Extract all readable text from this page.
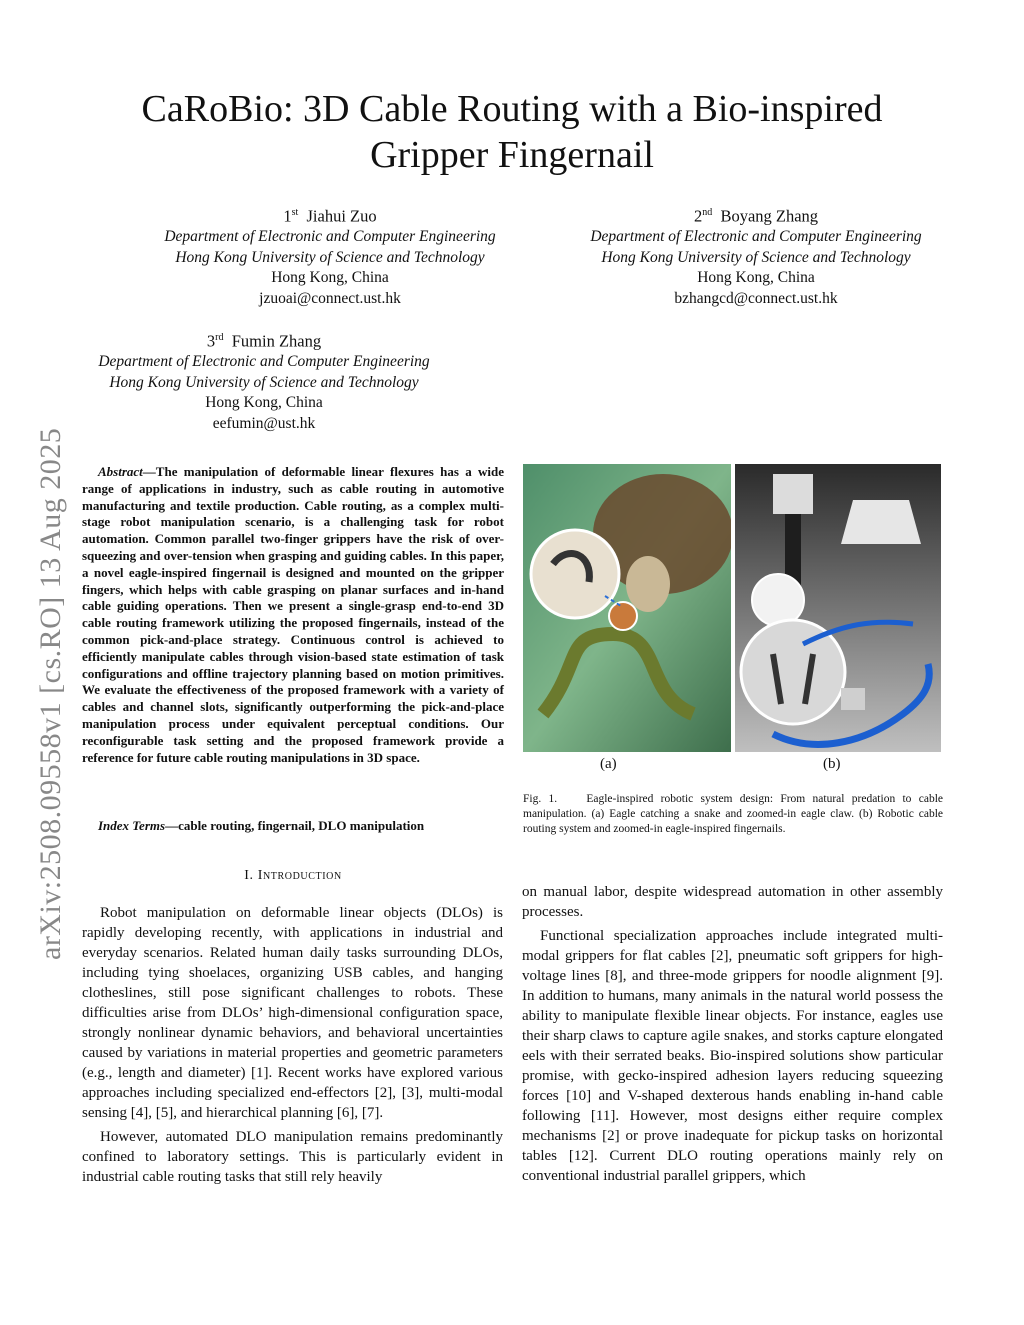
arXiv:2508.09558v1 [cs.RO] 13 Aug 2025
CaRoBio: 3D Cable Routing with a Bio-inspired Gripper Fingernail
1st Jiahui Zuo
Department of Electronic and Computer Engineering
Hong Kong University of Science and Technology
Hong Kong, China
jzuoai@connect.ust.hk
2nd Boyang Zhang
Department of Electronic and Computer Engineering
Hong Kong University of Science and Technology
Hong Kong, China
bzhangcd@connect.ust.hk
3rd Fumin Zhang
Department of Electronic and Computer Engineering
Hong Kong University of Science and Technology
Hong Kong, China
eefumin@ust.hk
Abstract—The manipulation of deformable linear flexures has a wide range of applications in industry, such as cable routing in automotive manufacturing and textile production. Cable routing, as a complex multi-stage robot manipulation scenario, is a challenging task for robot automation. Common parallel two-finger grippers have the risk of over-squeezing and over-tension when grasping and guiding cables. In this paper, a novel eagle-inspired fingernail is designed and mounted on the gripper fingers, which helps with cable grasping on planar surfaces and in-hand cable guiding operations. Then we present a single-grasp end-to-end 3D cable routing framework utilizing the proposed fingernails, instead of the common pick-and-place strategy. Continuous control is achieved to efficiently manipulate cables through vision-based state estimation of task configurations and offline trajectory planning based on motion primitives. We evaluate the effectiveness of the proposed framework with a variety of cables and channel slots, significantly outperforming the pick-and-place manipulation process under equivalent perceptual conditions. Our reconfigurable task setting and the proposed framework provide a reference for future cable routing manipulations in 3D space.
Index Terms—cable routing, fingernail, DLO manipulation
I. Introduction

Robot manipulation on deformable linear objects (DLOs) is rapidly developing recently, with applications in industrial and everyday scenarios. Related human daily tasks surrounding DLOs, including tying shoelaces, organizing USB cables, and hanging clotheslines, still pose significant challenges to robots. These difficulties arise from DLOs’ high-dimensional configuration space, strongly nonlinear dynamic behaviors, and behavioral uncertainties caused by variations in material properties and geometric parameters (e.g., length and diameter) [1]. Recent works have explored various approaches including specialized end-effectors [2], [3], multi-modal sensing [4], [5], and hierarchical planning [6], [7].

However, automated DLO manipulation remains predominantly confined to laboratory settings. This is particularly evident in industrial cable routing tasks that still rely heavily

on manual labor, despite widespread automation in other assembly processes.

Functional specialization approaches include integrated multi-modal grippers for flat cables [2], pneumatic soft grippers for high-voltage lines [8], and three-mode grippers for noodle alignment [9]. In addition to humans, many animals in the natural world possess the ability to manipulate flexible linear objects. For instance, eagles use their sharp claws to capture agile snakes, and storks capture elongated eels with their serrated beaks. Bio-inspired solutions show particular promise, with gecko-inspired adhesion layers reducing squeezing forces [10] and V-shaped dexterous hands enabling in-hand cable following [11]. However, most designs either require complex mechanisms [2] or prove inadequate for pickup tasks on horizontal tables [12]. Current DLO routing operations mainly rely on conventional industrial parallel grippers, which

(a)	(b)
Fig. 1.    Eagle-inspired robotic system design: From natural predation to cable manipulation. (a) Eagle catching a snake and zoomed-in eagle claw. (b) Robotic cable routing system and zoomed-in eagle-inspired fingernails.
